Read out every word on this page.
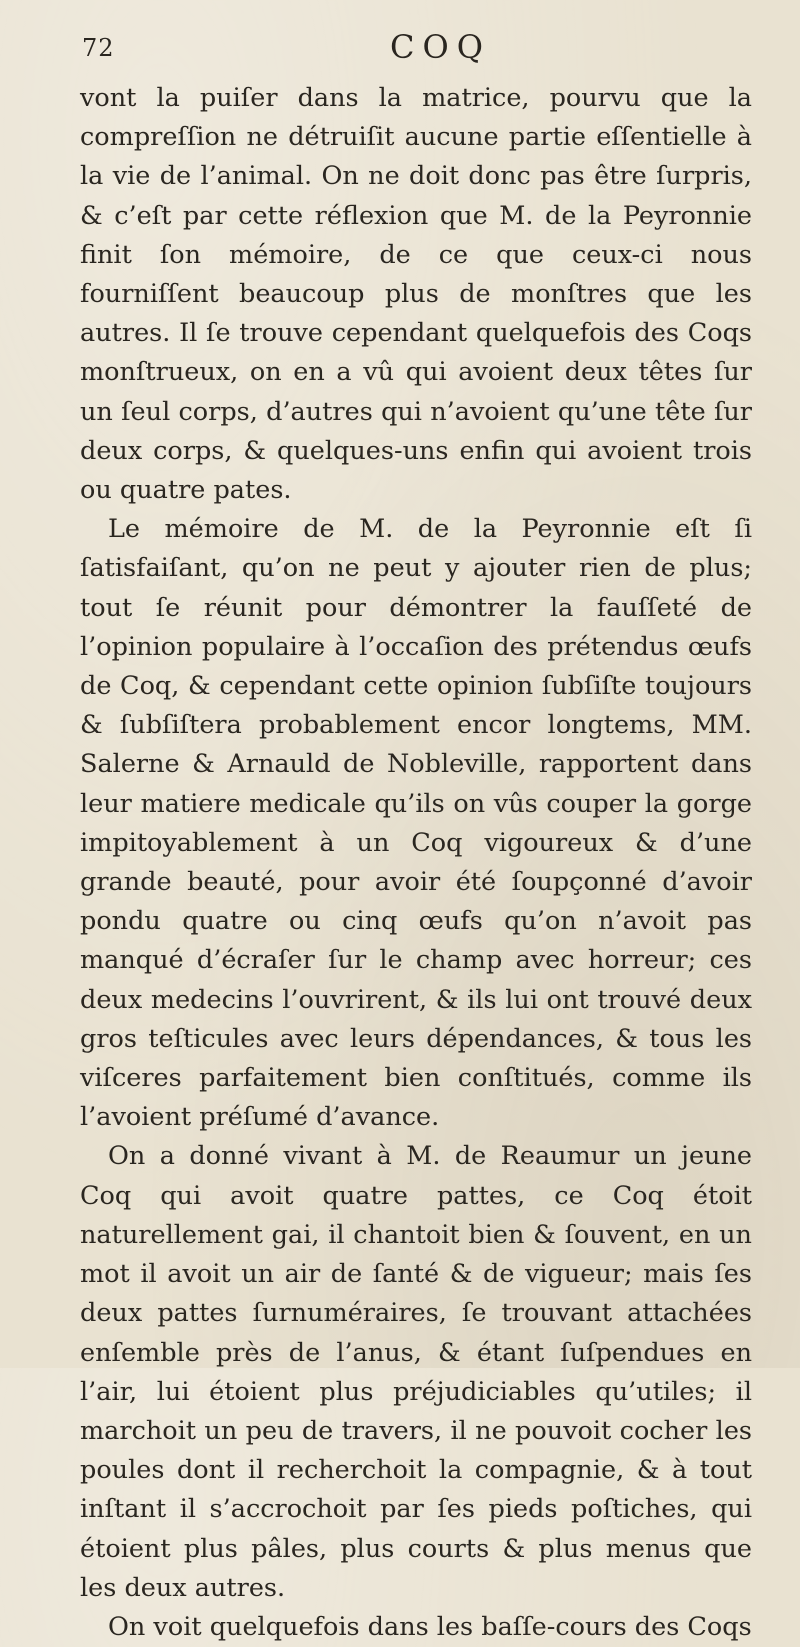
72	COQ

vont la puiſer dans la matrice, pourvu que la compreſſion ne détruiſit aucune partie eſſentielle à la vie de l’animal. On ne doit donc pas être ſurpris, & c’eſt par cette réflexion que M. de la Peyronnie finit ſon mémoire, de ce que ceux-ci nous fourniſſent beaucoup plus de monſtres que les autres. Il ſe trouve cependant quelquefois des Coqs monſtrueux, on en a vû qui avoient deux têtes ſur un ſeul corps, d’autres qui n’avoient qu’une tête ſur deux corps, & quelques-uns enfin qui avoient trois ou quatre pates.

Le mémoire de M. de la Peyronnie eſt ſi ſatisfaiſant, qu’on ne peut y ajouter rien de plus; tout ſe réunit pour démontrer la fauſſeté de l’opinion populaire à l’occaſion des prétendus œufs de Coq, & cependant cette opinion ſubſiſte toujours & ſubſiſtera probablement encor longtems, MM. Salerne & Arnauld de Nobleville, rapportent dans leur matiere medicale qu’ils on vûs couper la gorge impitoyablement à un Coq vigoureux & d’une grande beauté, pour avoir été ſoupçonné d’avoir pondu quatre ou cinq œufs qu’on n’avoit pas manqué d’écraſer ſur le champ avec horreur; ces deux medecins l’ouvrirent, & ils lui ont trouvé deux gros teſticules avec leurs dépendances, & tous les viſceres parfaitement bien conſtitués, comme ils l’avoient préſumé d’avance.

On a donné vivant à M. de Reaumur un jeune Coq qui avoit quatre pattes, ce Coq étoit naturellement gai, il chantoit bien & ſouvent, en un mot il avoit un air de ſanté & de vigueur; mais ſes deux pattes ſurnuméraires, ſe trouvant attachées enſemble près de l’anus, & étant ſuſpendues en l’air, lui étoient plus préjudiciables qu’utiles; il marchoit un peu de travers, il ne pouvoit cocher les poules dont il recherchoit la compagnie, & à tout inſtant il s’accrochoit par ſes pieds poſtiches, qui étoient plus pâles, plus courts & plus menus que les deux autres.

On voit quelquefois dans les baſſe-cours des Coqs
